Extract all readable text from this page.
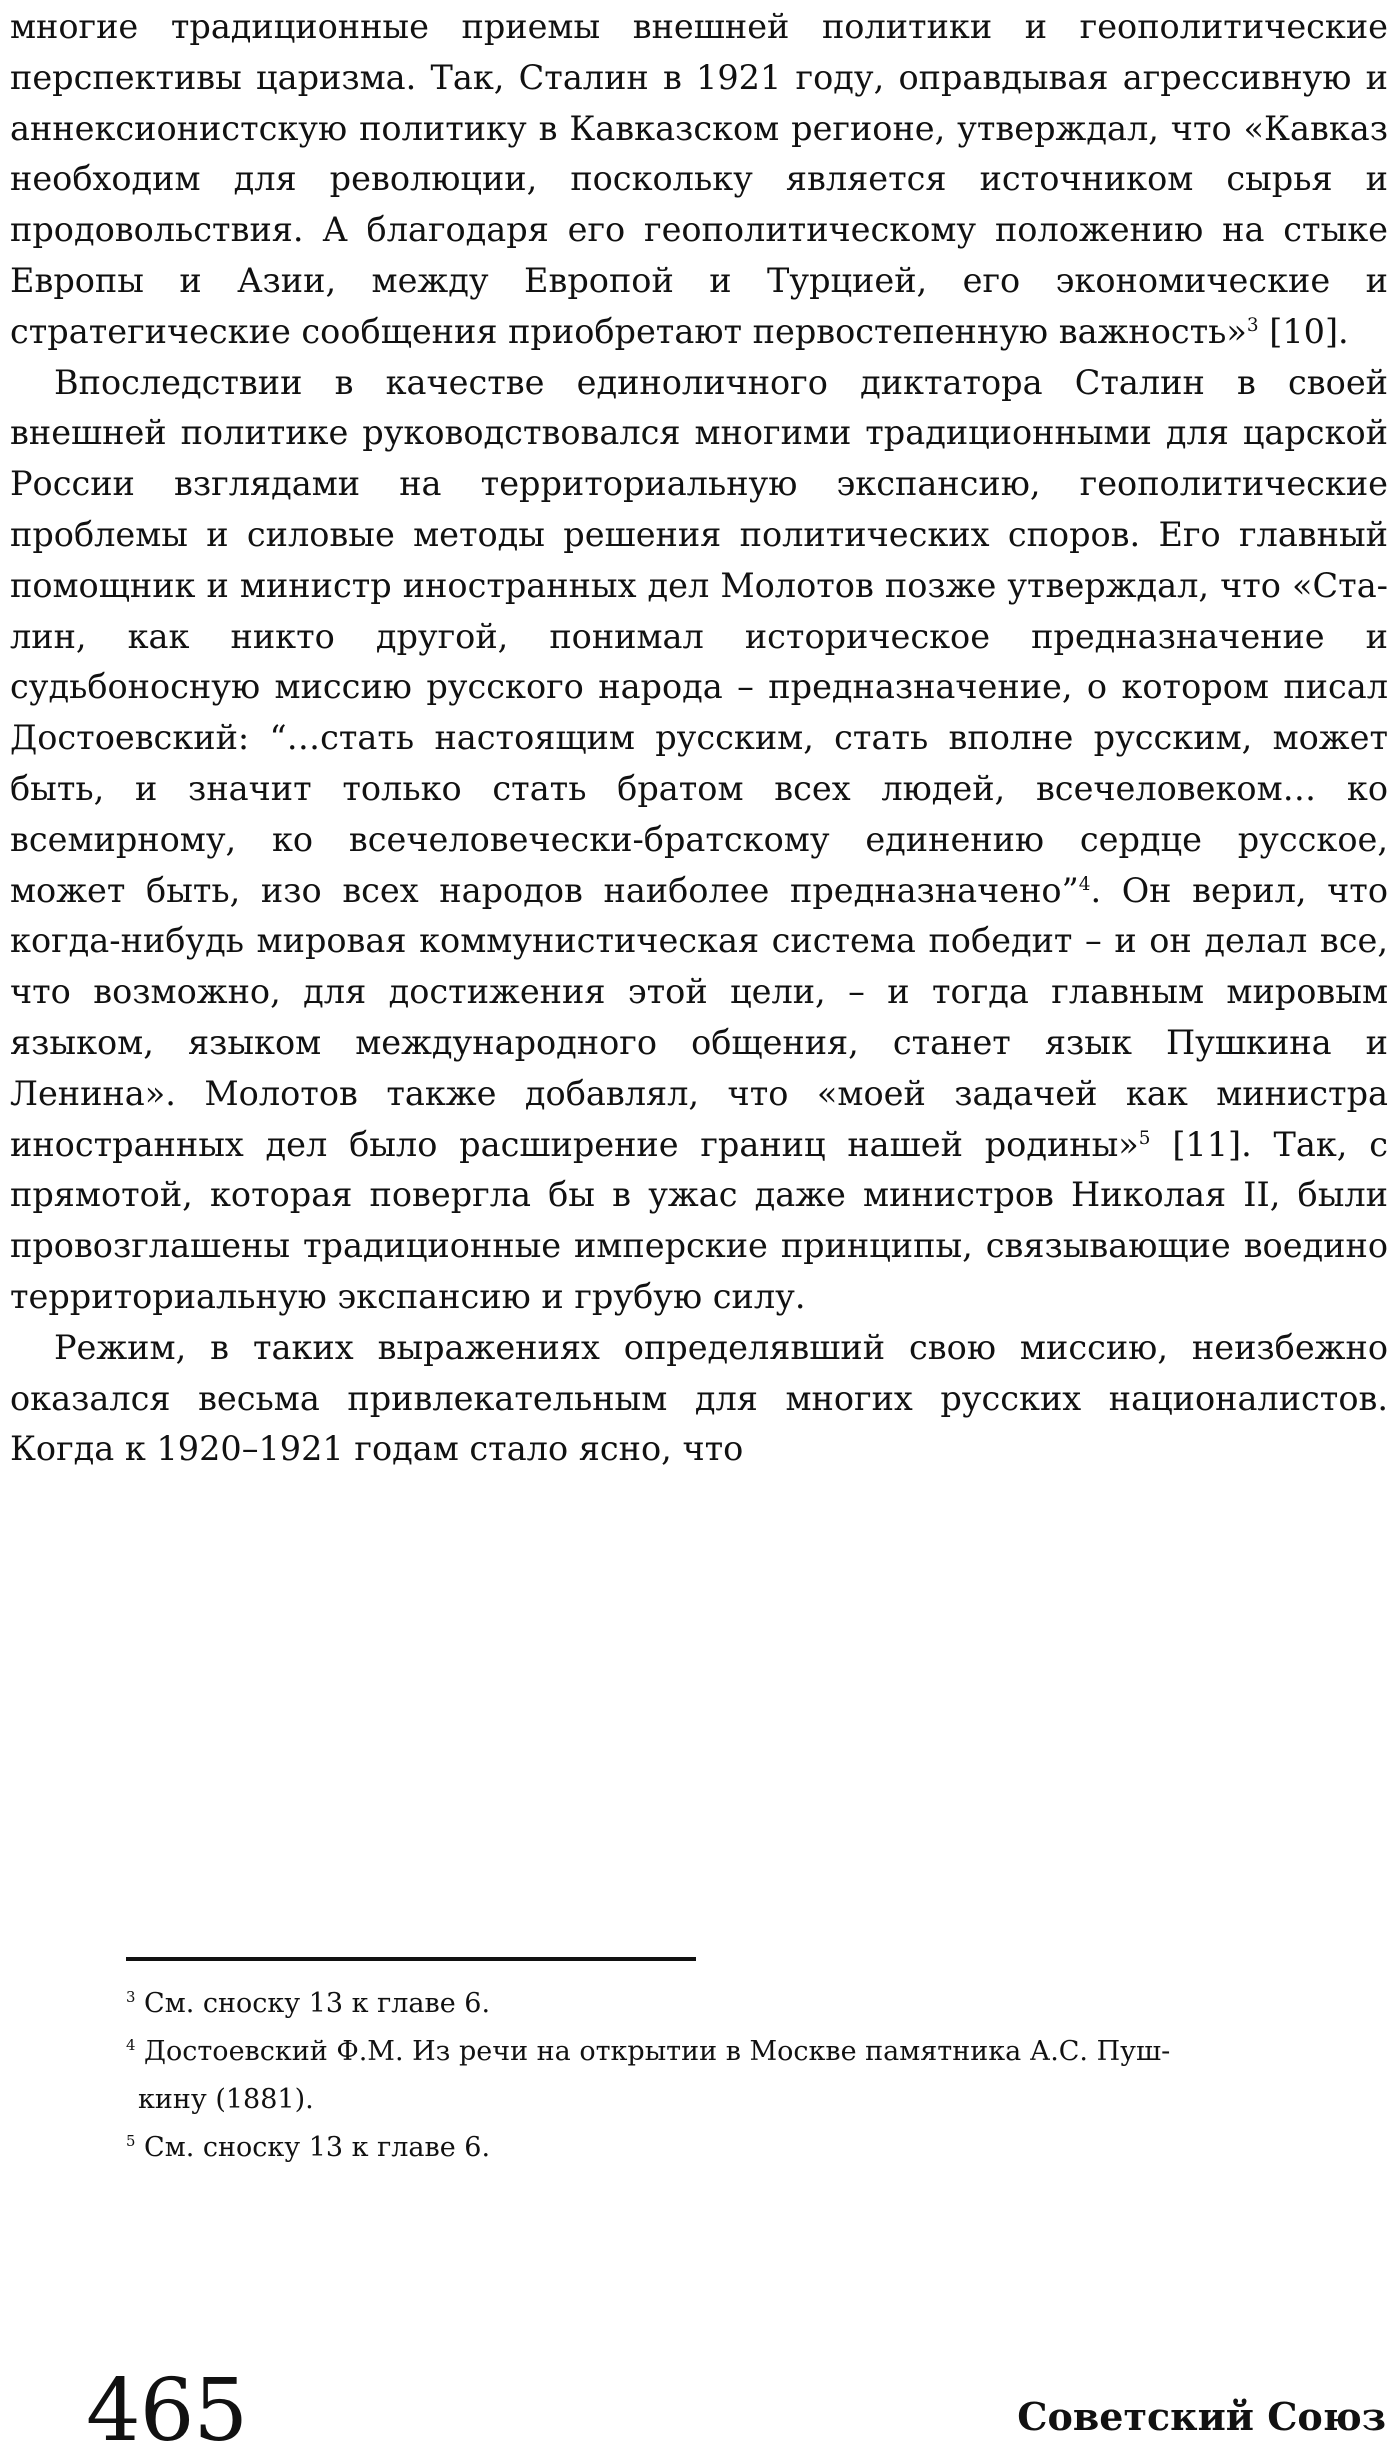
многие традиционные приемы внешней политики и геополитические перспективы царизма. Так, Сталин в 1921 году, оправдывая агрессивную и аннексионистскую политику в Кавказском регионе, утверждал, что «Кавказ необходим для революции, поскольку является источником сырья и продовольствия. А благодаря его геополитическому положению на стыке Европы и Азии, между Европой и Турцией, его экономические и стратегические сообщения приобретают первостепенную важность»$^3$ [10].

Впоследствии в качестве единоличного диктатора Сталин в своей внешней политике руководствовался многими традиционными для царской России взглядами на территориальную экспансию, геополитические проблемы и силовые методы решения политических споров. Его главный помощник и министр иностранных дел Молотов позже утверждал, что «Сталин, как никто другой, понимал историческое предназначение и судьбоносную миссию русского народа – предназначение, о котором писал Достоевский: “…стать настоящим русским, стать вполне русским, может быть, и значит только стать братом всех людей, всечеловеком… ко всемирному, ко всечеловечески-братскому единению сердце русское, может быть, изо всех народов наиболее предназначено”$^4$. Он верил, что когда-нибудь мировая коммунистическая система победит – и он делал все, что возможно, для достижения этой цели, – и тогда главным мировым языком, языком международного общения, станет язык Пушкина и Ленина». Молотов также добавлял, что «моей задачей как министра иностранных дел было расширение границ нашей родины»$^5$ [11]. Так, с прямотой, которая повергла бы в ужас даже министров Николая II, были провозглашены традиционные имперские принципы, связывающие воедино территориальную экспансию и грубую силу.

Режим, в таких выражениях определявший свою миссию, неизбежно оказался весьма привлекательным для многих русских националистов. Когда к 1920–1921 годам стало ясно, что

$^3$ См. сноску 13 к главе 6.
$^4$ Достоевский Ф.М. Из речи на открытии в Москве памятника А.С. Пуш-
кину (1881).
$^5$ См. сноску 13 к главе 6.
465	Советский Союз
